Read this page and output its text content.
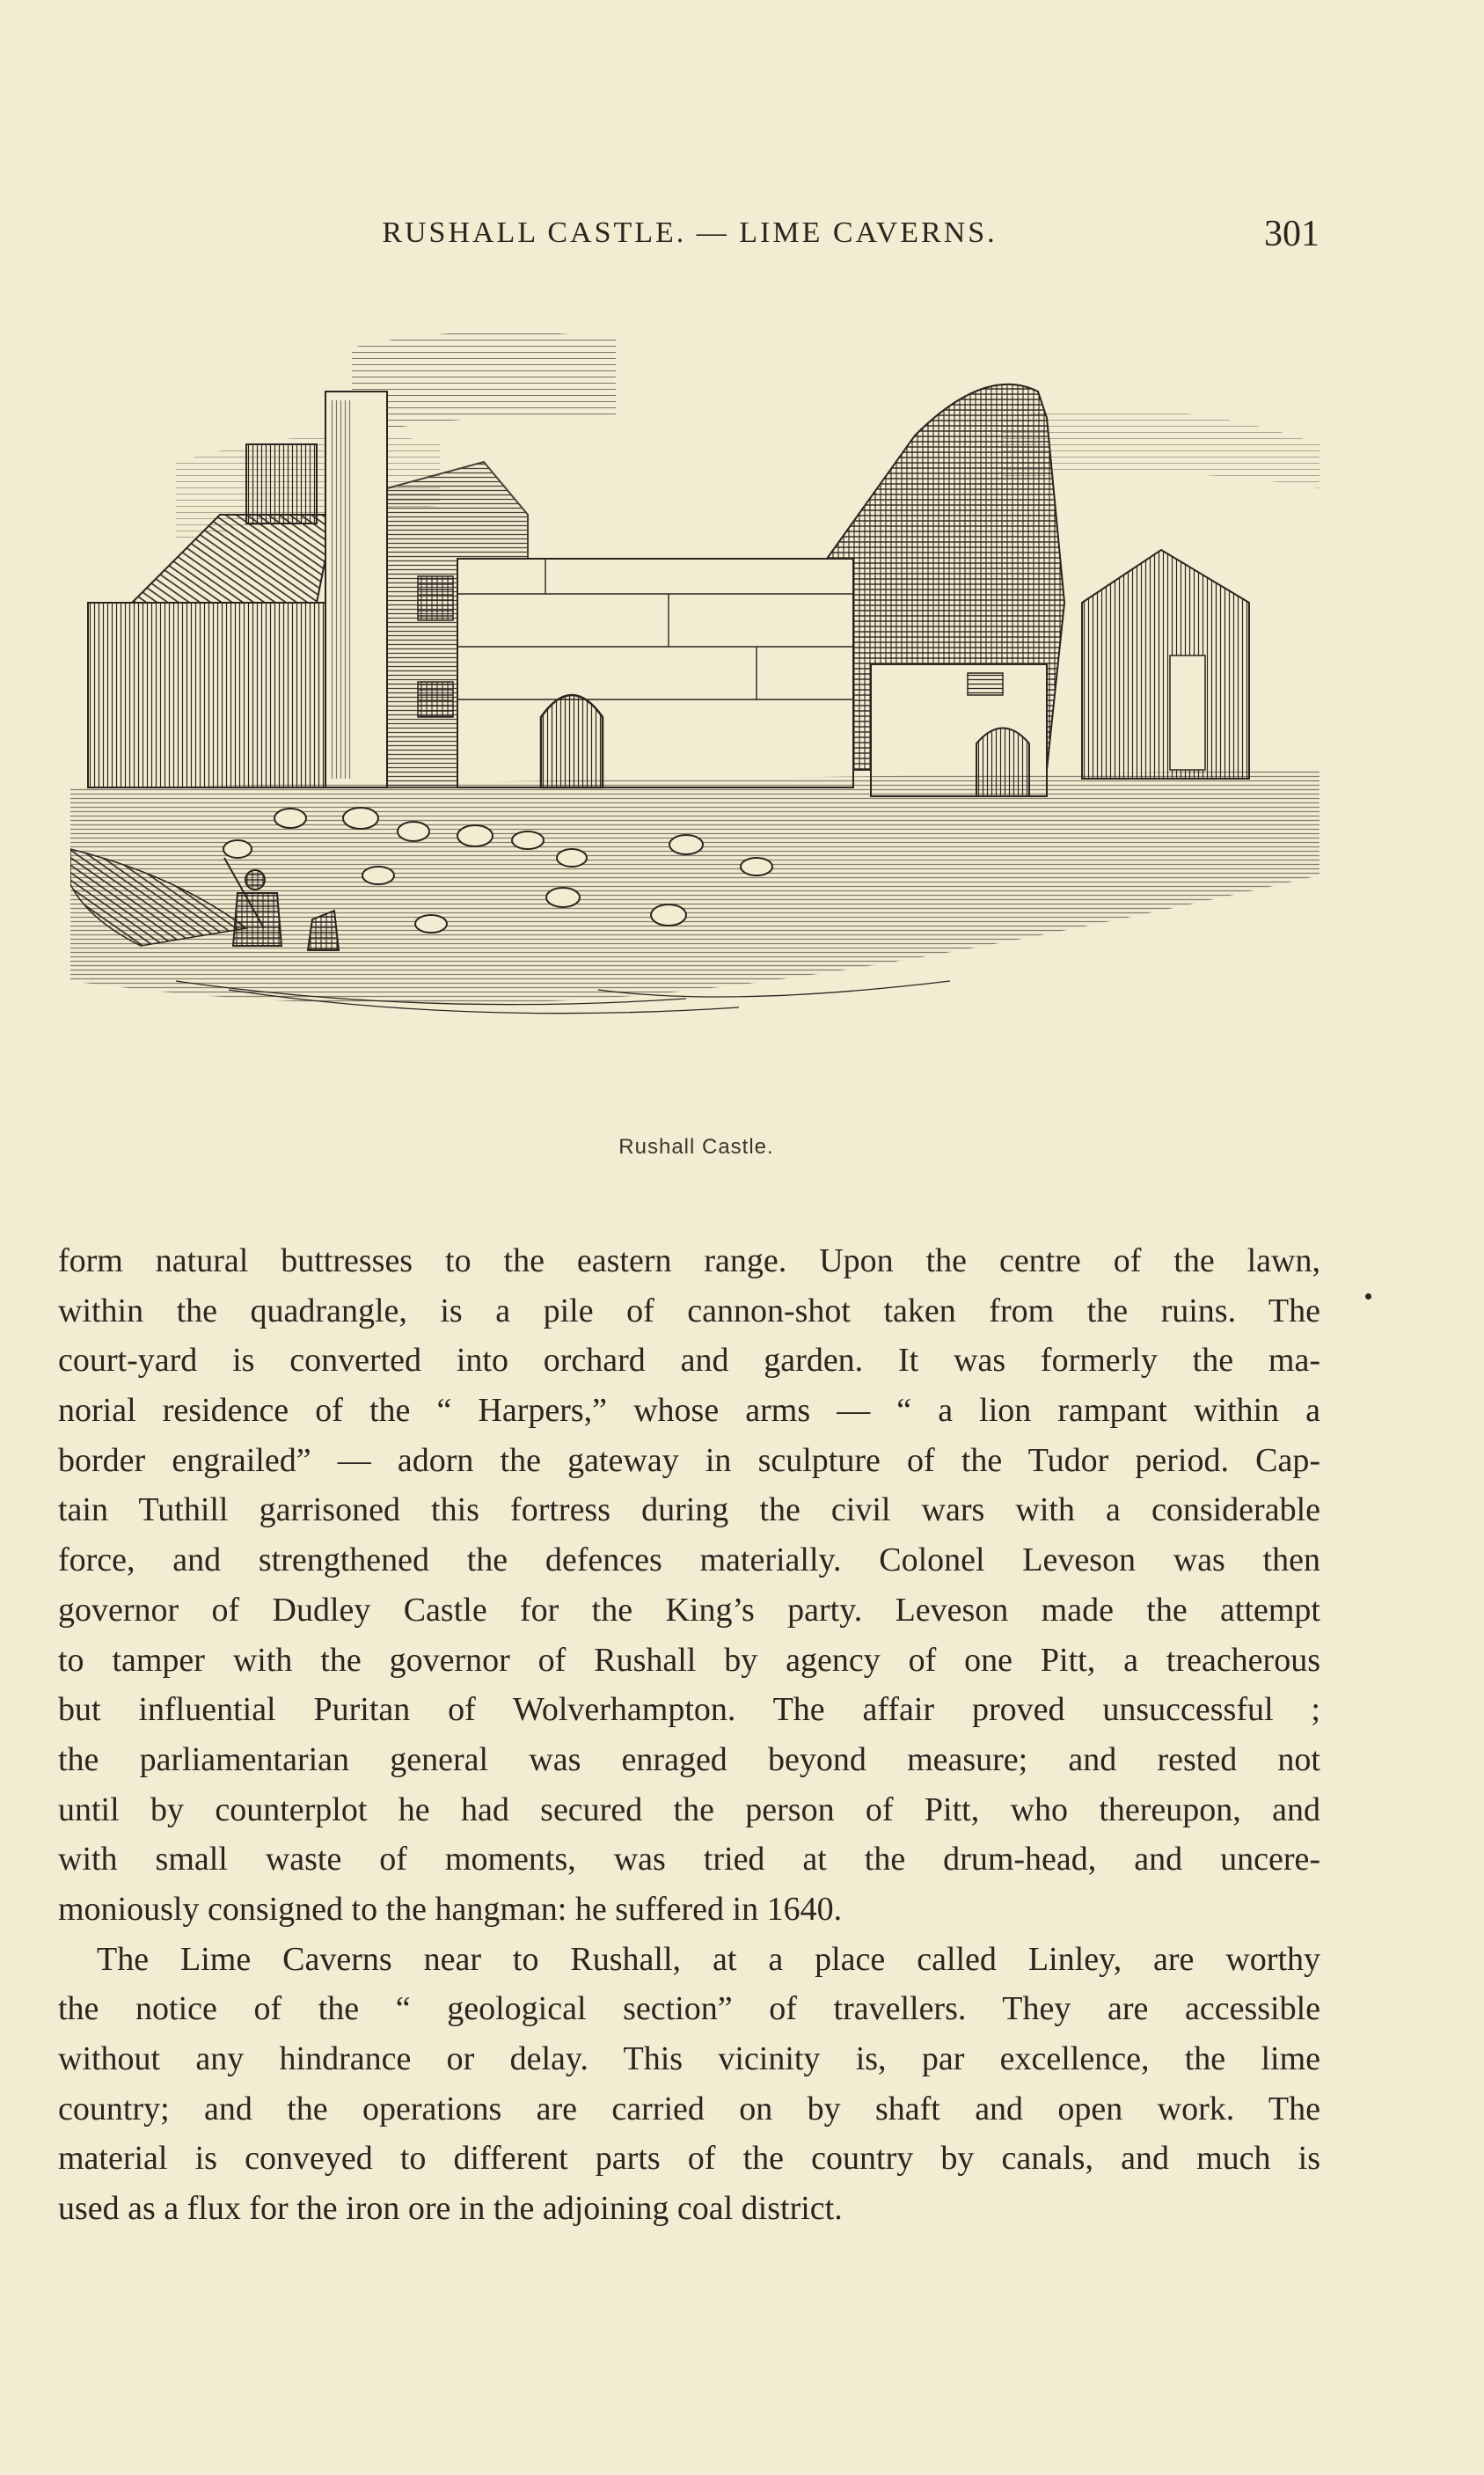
RUSHALL CASTLE. — LIME CAVERNS.	301
Rushall Castle.
form natural buttresses to the eastern range. Upon the centre of the lawn,
within the quadrangle, is a pile of cannon-shot taken from the ruins. The
court-yard is converted into orchard and garden. It was formerly the ma-
norial residence of the “ Harpers,” whose arms — “ a lion rampant within a
border engrailed” — adorn the gateway in sculpture of the Tudor period. Cap-
tain Tuthill garrisoned this fortress during the civil wars with a considerable
force, and strengthened the defences materially. Colonel Leveson was then
governor of Dudley Castle for the King’s party. Leveson made the attempt
to tamper with the governor of Rushall by agency of one Pitt, a treacherous
but influential Puritan of Wolverhampton. The affair proved unsuccessful ;
the parliamentarian general was enraged beyond measure; and rested not
until by counterplot he had secured the person of Pitt, who thereupon, and
with small waste of moments, was tried at the drum-head, and uncere-
moniously consigned to the hangman: he suffered in 1640.
The Lime Caverns near to Rushall, at a place called Linley, are worthy
the notice of the “ geological section” of travellers. They are accessible
without any hindrance or delay. This vicinity is, par excellence, the lime
country; and the operations are carried on by shaft and open work. The
material is conveyed to different parts of the country by canals, and much is
used as a flux for the iron ore in the adjoining coal district.
